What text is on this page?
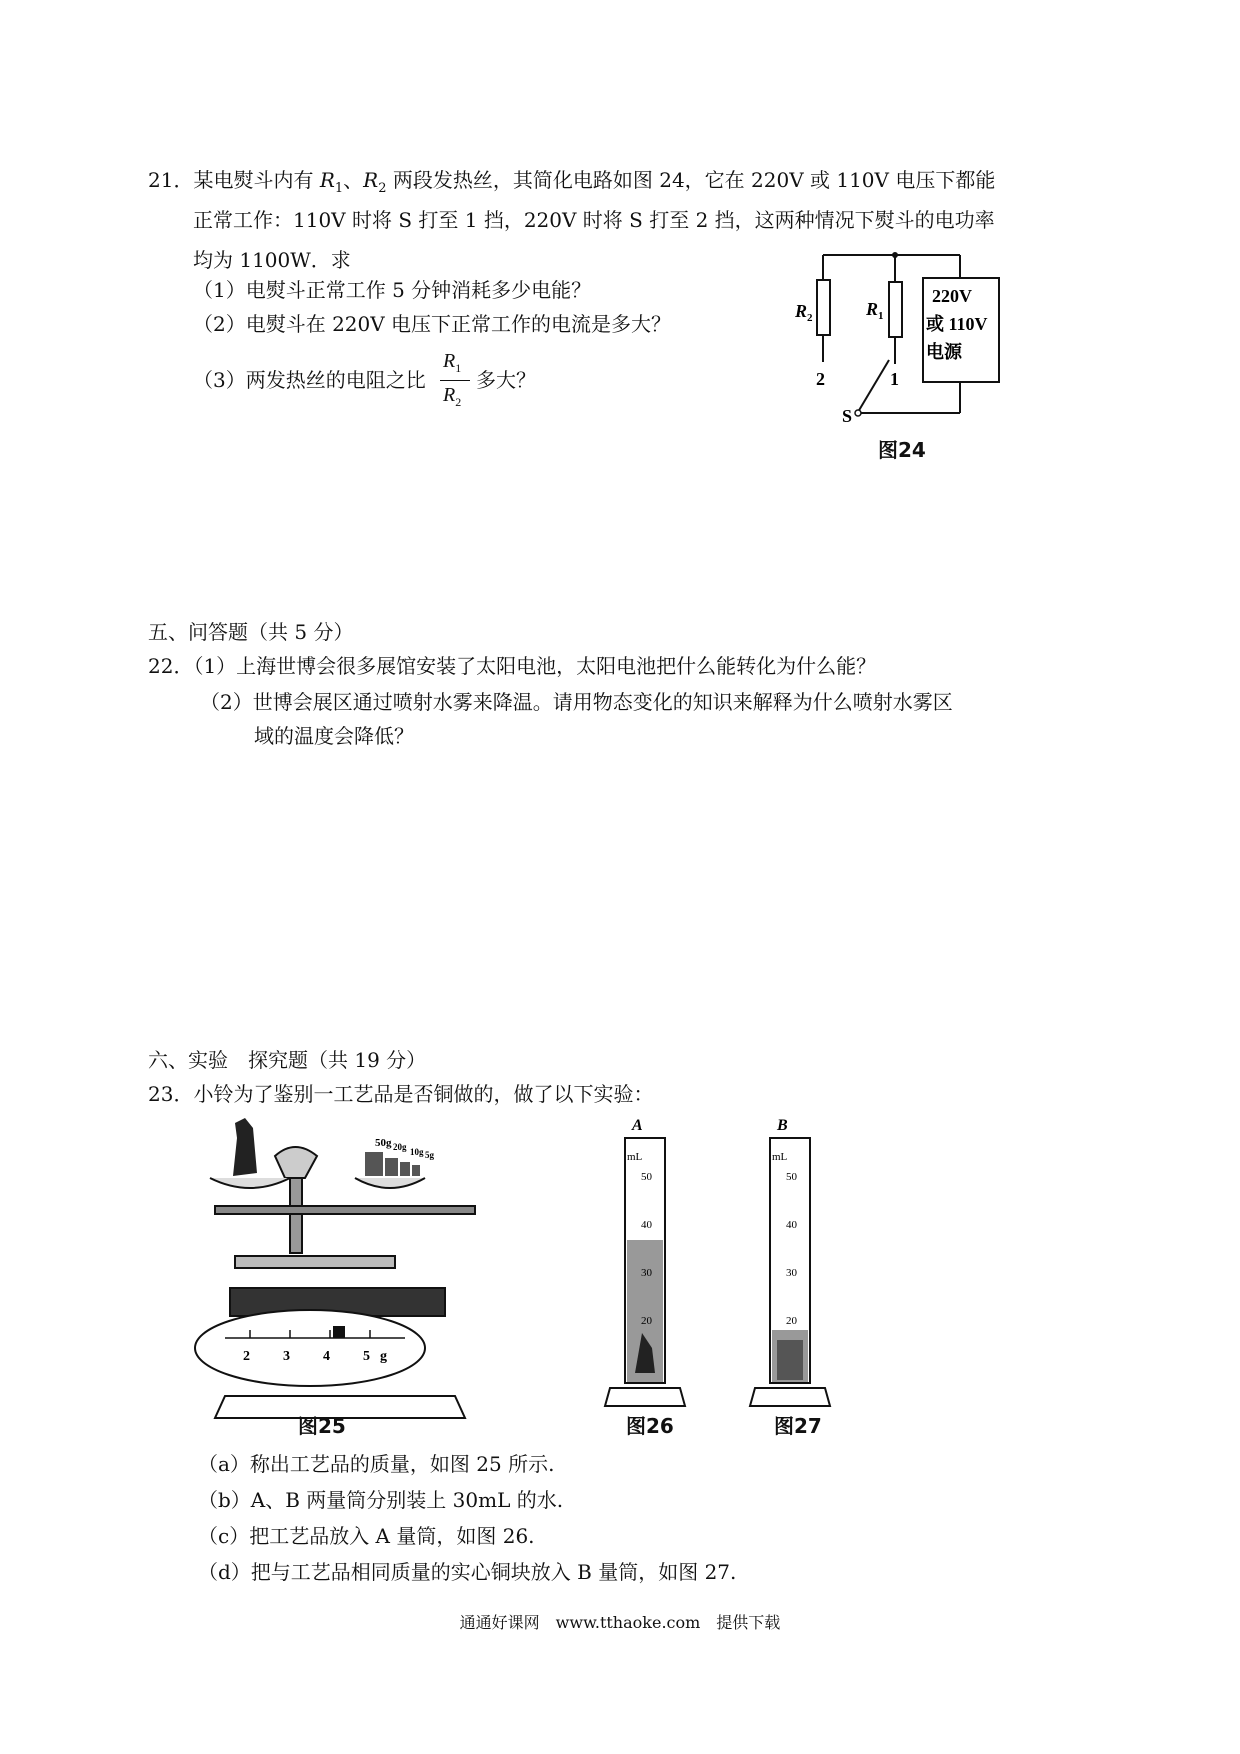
21．某电熨斗内有 $R_1$、$R_2$ 两段发热丝，其简化电路如图 24，它在 220V 或 110V 电压下都能
正常工作：110V 时将 S 打至 1 挡，220V 时将 S 打至 2 挡，这两种情况下熨斗的电功率
均为 1100W．求
（1）电熨斗正常工作 5 分钟消耗多少电能？
（2）电熨斗在 220V 电压下正常工作的电流是多大？
（3）两发热丝的电阻之比
$R_1$
$R_2$
多大？
$R_2$	$R_1$
2	1
S
220V
或 110V
电源
图24
五、问答题（共 5 分）
22．（1）上海世博会很多展馆安装了太阳电池，太阳电池把什么能转化为什么能？
（2）世博会展区通过喷射水雾来降温。请用物态变化的知识来解释为什么喷射水雾区
域的温度会降低？
六、实验　探究题（共 19 分）
23．小铃为了鉴别一工艺品是否铜做的，做了以下实验：
50g 20g 10g 5g
2 3 4 5 g
图25
A
mL
50
40
30
20
图26
B
mL
50
40
30
20
图27
（a）称出工艺品的质量，如图 25 所示.
（b）A、B 两量筒分别装上 30mL 的水.
（c）把工艺品放入 A 量筒，如图 26.
（d）把与工艺品相同质量的实心铜块放入 B 量筒，如图 27.
通通好课网　www.tthaoke.com　提供下载
